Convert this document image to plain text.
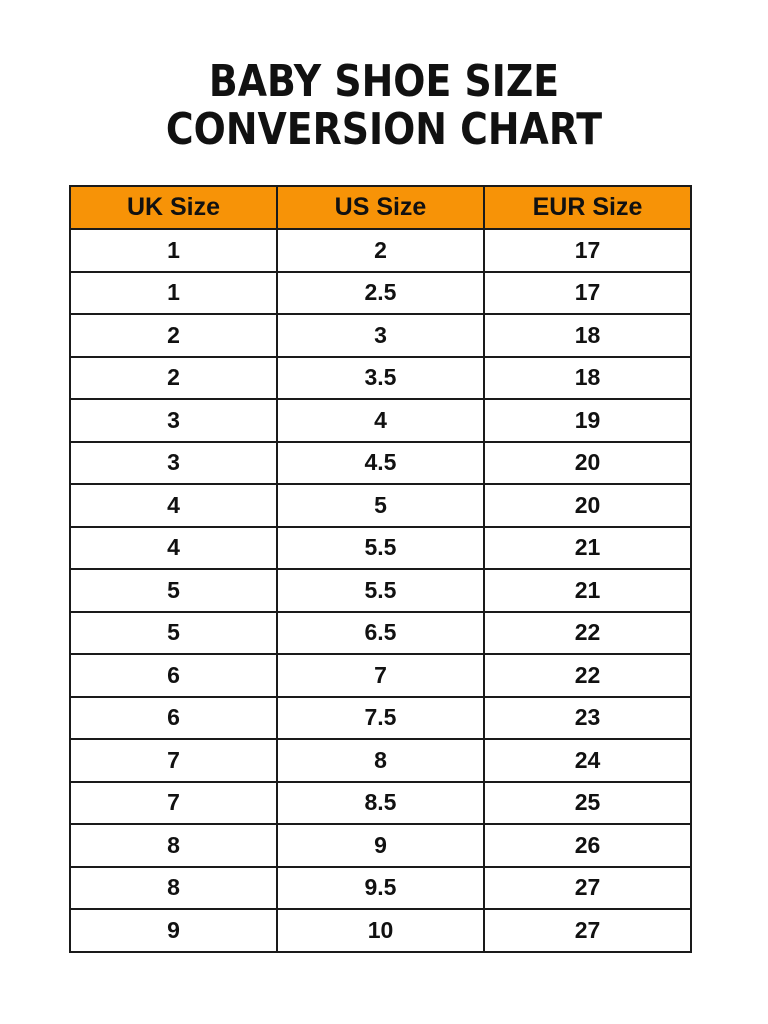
BABY SHOE SIZE
CONVERSION CHART
UK Size	US Size	EUR Size
1	2	17
1	2.5	17
2	3	18
2	3.5	18
3	4	19
3	4.5	20
4	5	20
4	5.5	21
5	5.5	21
5	6.5	22
6	7	22
6	7.5	23
7	8	24
7	8.5	25
8	9	26
8	9.5	27
9	10	27
